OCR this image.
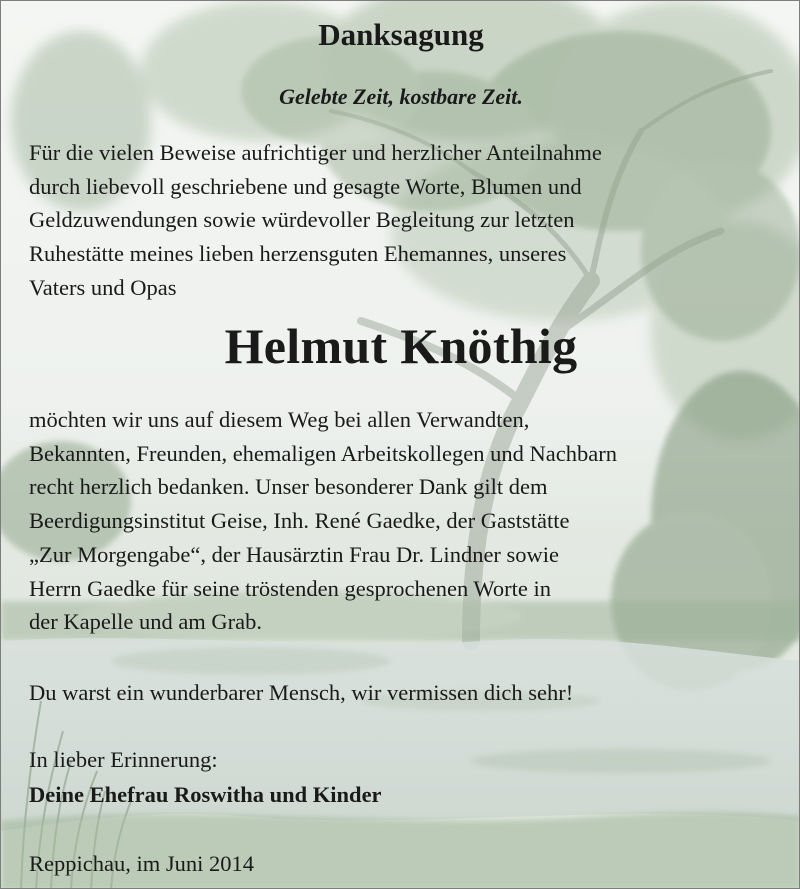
Danksagung

Gelebte Zeit, kostbare Zeit.

Für die vielen Beweise aufrichtiger und herzlicher Anteilnahme
durch liebevoll geschriebene und gesagte Worte, Blumen und
Geldzuwendungen sowie würdevoller Begleitung zur letzten
Ruhestätte meines lieben herzensguten Ehemannes, unseres
Vaters und Opas

Helmut Knöthig

möchten wir uns auf diesem Weg bei allen Verwandten,
Bekannten, Freunden, ehemaligen Arbeitskollegen und Nachbarn
recht herzlich bedanken. Unser besonderer Dank gilt dem
Beerdigungsinstitut Geise, Inh. René Gaedke, der Gaststätte
„Zur Morgengabe“, der Hausärztin Frau Dr. Lindner sowie
Herrn Gaedke für seine tröstenden gesprochenen Worte in
der Kapelle und am Grab.

Du warst ein wunderbarer Mensch, wir vermissen dich sehr!

In lieber Erinnerung:

Deine Ehefrau Roswitha und Kinder

Reppichau, im Juni 2014
